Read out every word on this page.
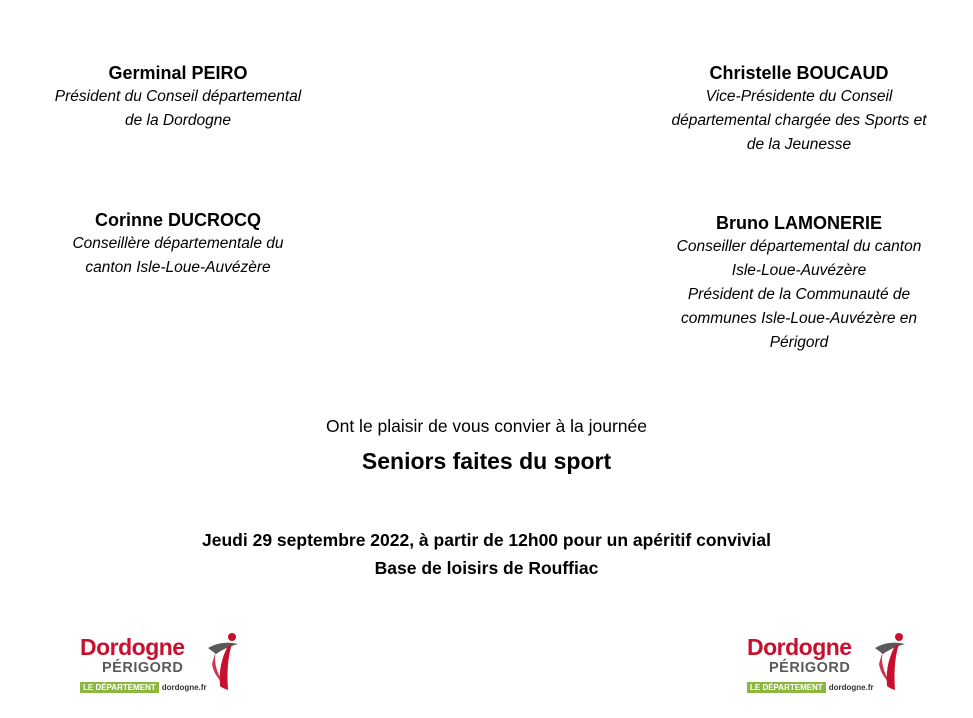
Germinal PEIRO
Président du Conseil départemental
de la Dordogne
Christelle BOUCAUD
Vice-Présidente du Conseil
départemental chargée des Sports et
de la Jeunesse
Corinne DUCROCQ
Conseillère départementale du
canton Isle-Loue-Auvézère
Bruno LAMONERIE
Conseiller départemental du canton
Isle-Loue-Auvézère
Président de la Communauté de
communes Isle-Loue-Auvézère en
Périgord
Ont le plaisir de vous convier à la journée
Seniors faites du sport
Jeudi 29 septembre 2022, à partir de 12h00 pour un apéritif convivial
Base de loisirs de Rouffiac
Dordogne
PÉRIGORD
LE DÉPARTEMENT dordogne.fr
Dordogne
PÉRIGORD
LE DÉPARTEMENT dordogne.fr
